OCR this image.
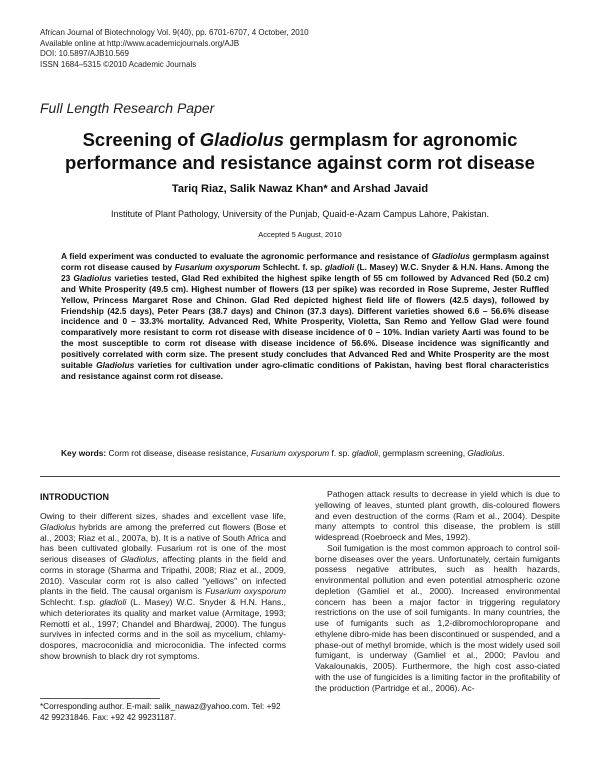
African Journal of Biotechnology Vol. 9(40), pp. 6701-6707, 4 October, 2010
Available online at http://www.academicjournals.org/AJB
DOI: 10.5897/AJB10.569
ISSN 1684–5315 ©2010 Academic Journals
Full Length Research Paper
Screening of Gladiolus germplasm for agronomic performance and resistance against corm rot disease
Tariq Riaz, Salik Nawaz Khan* and Arshad Javaid
Institute of Plant Pathology, University of the Punjab, Quaid-e-Azam Campus Lahore, Pakistan.
Accepted 5 August, 2010
A field experiment was conducted to evaluate the agronomic performance and resistance of Gladiolus germplasm against corm rot disease caused by Fusarium oxysporum Schlecht. f. sp. gladioli (L. Masey) W.C. Snyder & H.N. Hans. Among the 23 Gladiolus varieties tested, Glad Red exhibited the highest spike length of 55 cm followed by Advanced Red (50.2 cm) and White Prosperity (49.5 cm). Highest number of flowers (13 per spike) was recorded in Rose Supreme, Jester Ruffled Yellow, Princess Margaret Rose and Chinon. Glad Red depicted highest field life of flowers (42.5 days), followed by Friendship (42.5 days), Peter Pears (38.7 days) and Chinon (37.3 days). Different varieties showed 6.6 – 56.6% disease incidence and 0 – 33.3% mortality. Advanced Red, White Prosperity, Violetta, San Remo and Yellow Glad were found comparatively more resistant to corm rot disease with disease incidence of 0 – 10%. Indian variety Aarti was found to be the most susceptible to corm rot disease with disease incidence of 56.6%. Disease incidence was significantly and positively correlated with corm size. The present study concludes that Advanced Red and White Prosperity are the most suitable Gladiolus varieties for cultivation under agro-climatic conditions of Pakistan, having best floral characteristics and resistance against corm rot disease.
Key words: Corm rot disease, disease resistance, Fusarium oxysporum f. sp. gladioli, germplasm screening, Gladiolus.
INTRODUCTION

Owing to their different sizes, shades and excellent vase life, Gladiolus hybrids are among the preferred cut flowers (Bose et al., 2003; Riaz et al., 2007a, b). It is a native of South Africa and has been cultivated globally. Fusarium rot is one of the most serious diseases of Gladiolus, affecting plants in the field and corms in storage (Sharma and Tripathi, 2008; Riaz et al., 2009, 2010). Vascular corm rot is also called "yellows" on infected plants in the field. The causal organism is Fusarium oxysporum Schlecht. f.sp. gladioli (L. Masey) W.C. Snyder & H.N. Hans., which deteriorates its quality and market value (Armitage, 1993; Remotti et al., 1997; Chandel and Bhardwaj, 2000). The fungus survives in infected corms and in the soil as mycelium, chlamy-dospores, macroconidia and microconidia. The infected corms show brownish to black dry rot symptoms.

Pathogen attack results to decrease in yield which is due to yellowing of leaves, stunted plant growth, dis-coloured flowers and even destruction of the corms (Ram et al., 2004). Despite many attempts to control this disease, the problem is still widespread (Roebroeck and Mes, 1992).

Soil fumigation is the most common approach to control soil-borne diseases over the years. Unfortunately, certain fumigants possess negative attributes, such as health hazards, environmental pollution and even potential atmospheric ozone depletion (Gamliel et al., 2000). Increased environmental concern has been a major factor in triggering regulatory restrictions on the use of soil fumigants. In many countries, the use of fumigants such as 1,2-dibromochloropropane and ethylene dibro-mide has been discontinued or suspended, and a phase-out of methyl bromide, which is the most widely used soil fumigant, is underway (Gamliel et al., 2000; Pavlou and Vakalounakis, 2005). Furthermore, the high cost asso-ciated with the use of fungicides is a limiting factor in the profitability of the production (Partridge et al., 2006). Ac-

*Corresponding author. E-mail: salik_nawaz@yahoo.com. Tel: +92 42 99231846. Fax: +92 42 99231187.
